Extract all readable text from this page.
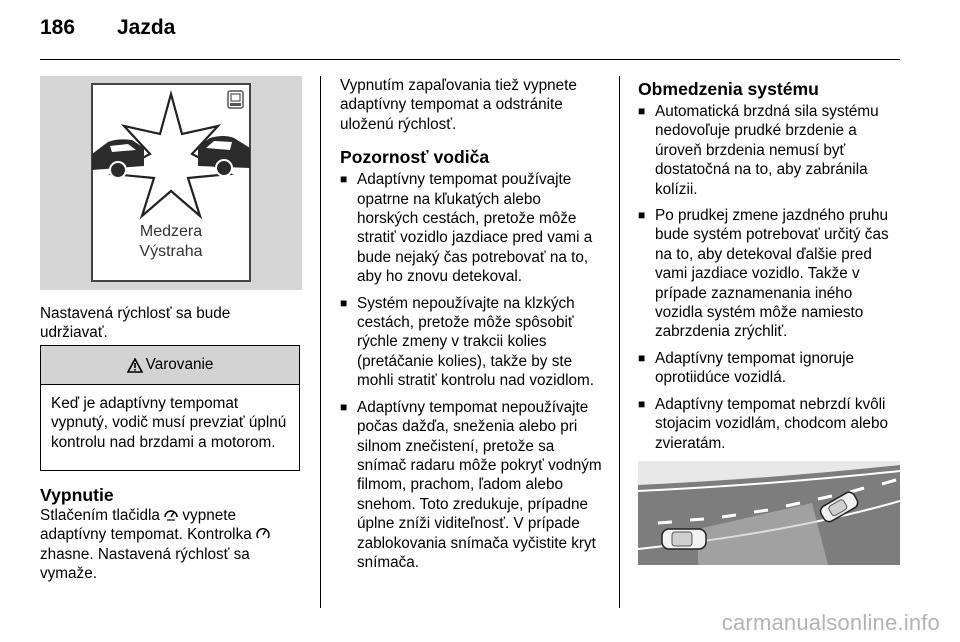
186 Jazda
Medzera
Výstraha

Nastavená rýchlosť sa bude udržiavať.

Varovanie
Keď je adaptívny tempomat vypnutý, vodič musí prevziať úplnú kontrolu nad brzdami a motorom.

Vypnutie

Stlačením tlačidla vypnete adaptívny tempomat. Kontrolka  zhasne. Nastavená rýchlosť sa vymaže.

Vypnutím zapaľovania tiež vypnete adaptívny tempomat a odstránite uloženú rýchlosť.

Pozornosť vodiča

■ Adaptívny tempomat používajte opatrne na kľukatých alebo horských cestách, pretože môže stratiť vozidlo jazdiace pred vami a bude nejaký čas potrebovať na to, aby ho znovu detekoval.
■ Systém nepoužívajte na klzkých cestách, pretože môže spôsobiť rýchle zmeny v trakcii kolies (pretáčanie kolies), takže by ste mohli stratiť kontrolu nad vozidlom.
■ Adaptívny tempomat nepoužívajte počas dažďa, sneženia alebo pri silnom znečistení, pretože sa snímač radaru môže pokryť vodným filmom, prachom, ľadom alebo snehom. Toto zredukuje, prípadne úplne zníži viditeľnosť. V prípade zablokovania snímača vyčistite kryt snímača.

Obmedzenia systému

■ Automatická brzdná sila systému nedovoľuje prudké brzdenie a úroveň brzdenia nemusí byť dostatočná na to, aby zabránila kolízii.
■ Po prudkej zmene jazdného pruhu bude systém potrebovať určitý čas na to, aby detekoval ďalšie pred vami jazdiace vozidlo. Takže v prípade zaznamenania iného vozidla systém môže namiesto zabrzdenia zrýchliť.
■ Adaptívny tempomat ignoruje oprotiidúce vozidlá.
■ Adaptívny tempomat nebrzdí kvôli stojacim vozidlám, chodcom alebo zvieratám.

carmanualsonline.info
